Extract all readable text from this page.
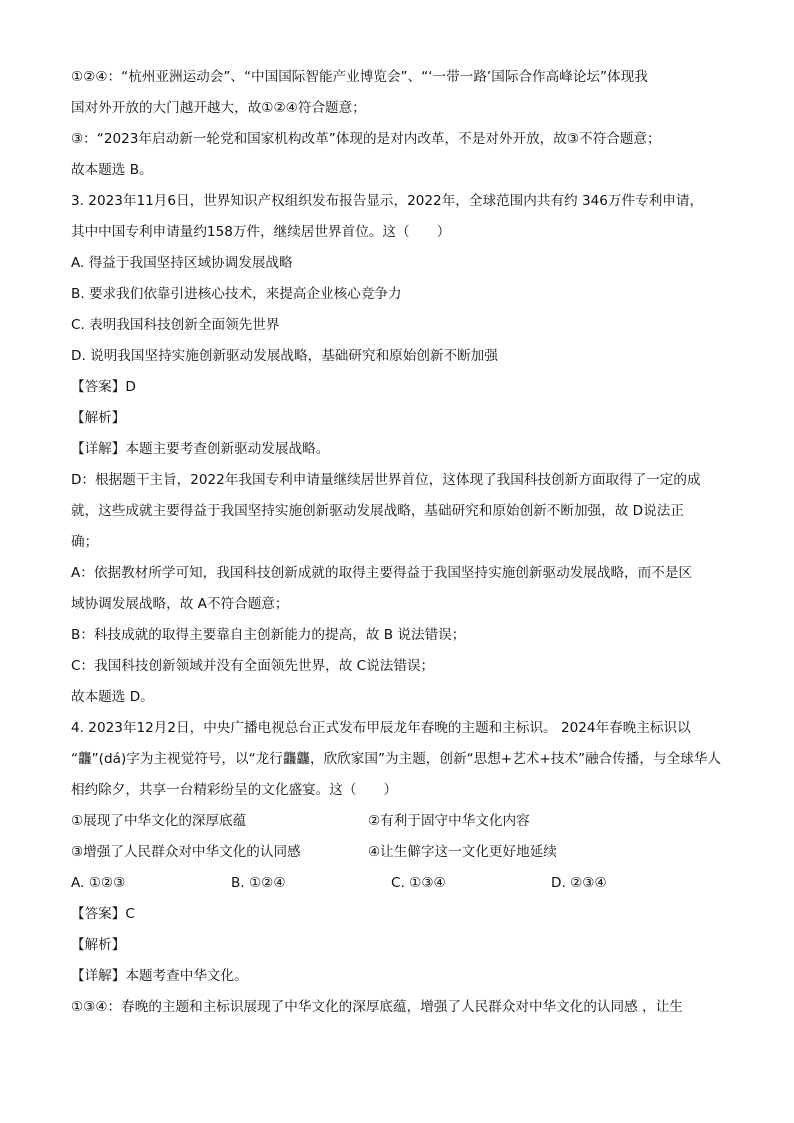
①②④：“杭州亚洲运动会”、“中国国际智能产业博览会”、“‘一带一路’国际合作高峰论坛”体现我
国对外开放的大门越开越大，故①②④符合题意；
③：“2023年启动新一轮党和国家机构改革”体现的是对内改革，不是对外开放，故③不符合题意；
故本题选 B。
3. 2023年11月6日，世界知识产权组织发布报告显示，2022年，全球范围内共有约 346万件专利申请，
其中中国专利申请量约158万件，继续居世界首位。这（　　）
A. 得益于我国坚持区域协调发展战略
B. 要求我们依靠引进核心技术，来提高企业核心竞争力
C. 表明我国科技创新全面领先世界
D. 说明我国坚持实施创新驱动发展战略，基础研究和原始创新不断加强
【答案】D
【解析】
【详解】本题主要考查创新驱动发展战略。
D：根据题干主旨，2022年我国专利申请量继续居世界首位，这体现了我国科技创新方面取得了一定的成
就，这些成就主要得益于我国坚持实施创新驱动发展战略，基础研究和原始创新不断加强，故 D说法正
确；
A：依据教材所学可知，我国科技创新成就的取得主要得益于我国坚持实施创新驱动发展战略，而不是区
域协调发展战略，故 A不符合题意；
B：科技成就的取得主要靠自主创新能力的提高，故 B 说法错误；
C：我国科技创新领域并没有全面领先世界，故 C说法错误；
故本题选 D。
4. 2023年12月2日，中央广播电视总台正式发布甲辰龙年春晚的主题和主标识。 2024年春晚主标识以
“龘”(dá)字为主视觉符号，以“龙行龘龘，欣欣家国”为主题，创新“思想+艺术+技术”融合传播，与全球华人
相约除夕，共享一台精彩纷呈的文化盛宴。这（　　）
①展现了中华文化的深厚底蕴	②有利于固守中华文化内容
③增强了人民群众对中华文化的认同感	④让生僻字这一文化更好地延续
A. ①②③	B. ①②④	C. ①③④	D. ②③④
【答案】C
【解析】
【详解】本题考查中华文化。
①③④：春晚的主题和主标识展现了中华文化的深厚底蕴，增强了人民群众对中华文化的认同感 ，让生
